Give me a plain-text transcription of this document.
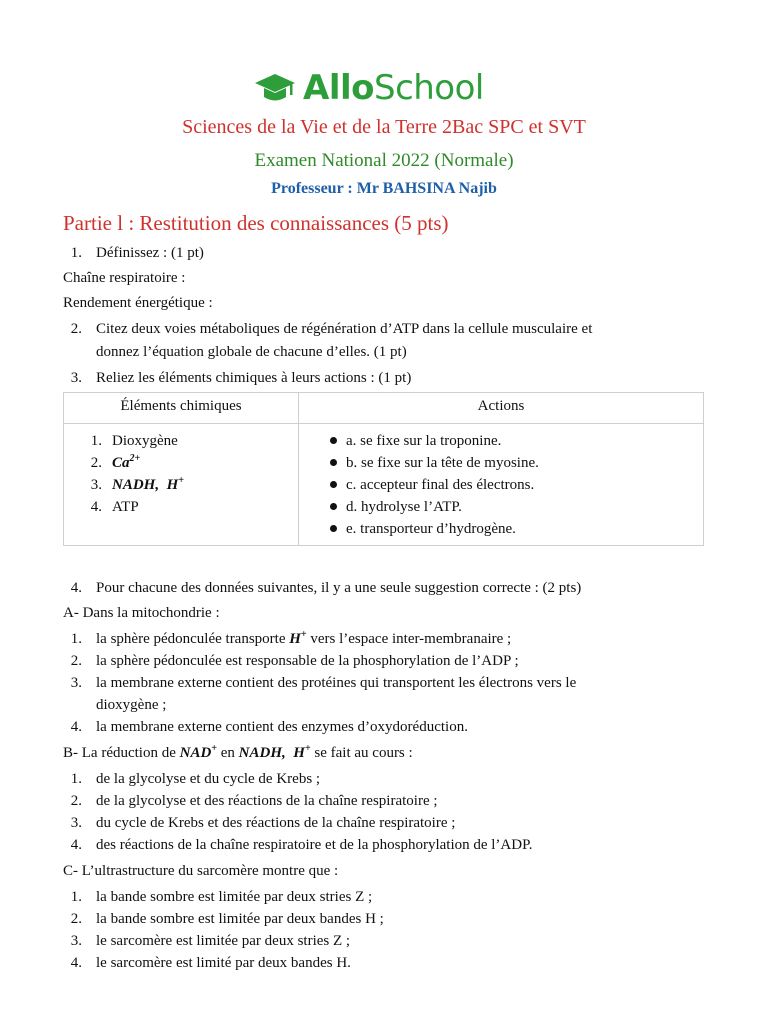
AlloSchool
Sciences de la Vie et de la Terre 2Bac SPC et SVT
Examen National 2022 (Normale)
Professeur : Mr BAHSINA Najib
Partie l : Restitution des connaissances (5 pts)
1. Définissez : (1 pt)
Chaîne respiratoire :
Rendement énergétique :
2. Citez deux voies métaboliques de régénération d’ATP dans la cellule musculaire et
donnez l’équation globale de chacune d’elles. (1 pt)
3. Reliez les éléments chimiques à leurs actions : (1 pt)
Éléments chimiques	Actions
1. Dioxygène
2. $Ca^{2+}$
3. NADH,  H+
4. ATP
a. se fixe sur la troponine.
b. se fixe sur la tête de myosine.
c. accepteur final des électrons.
d. hydrolyse l’ATP.
e. transporteur d’hydrogène.
4. Pour chacune des données suivantes, il y a une seule suggestion correcte : (2 pts)
A- Dans la mitochondrie :
1. la sphère pédonculée transporte H+ vers l’espace inter-membranaire ;
2. la sphère pédonculée est responsable de la phosphorylation de l’ADP ;
3. la membrane externe contient des protéines qui transportent les électrons vers le
dioxygène ;
4. la membrane externe contient des enzymes d’oxydoréduction.
B- La réduction de NAD+ en NADH,  H+ se fait au cours :
1. de la glycolyse et du cycle de Krebs ;
2. de la glycolyse et des réactions de la chaîne respiratoire ;
3. du cycle de Krebs et des réactions de la chaîne respiratoire ;
4. des réactions de la chaîne respiratoire et de la phosphorylation de l’ADP.
C- L’ultrastructure du sarcomère montre que :
1. la bande sombre est limitée par deux stries Z ;
2. la bande sombre est limitée par deux bandes H ;
3. le sarcomère est limitée par deux stries Z ;
4. le sarcomère est limité par deux bandes H.
